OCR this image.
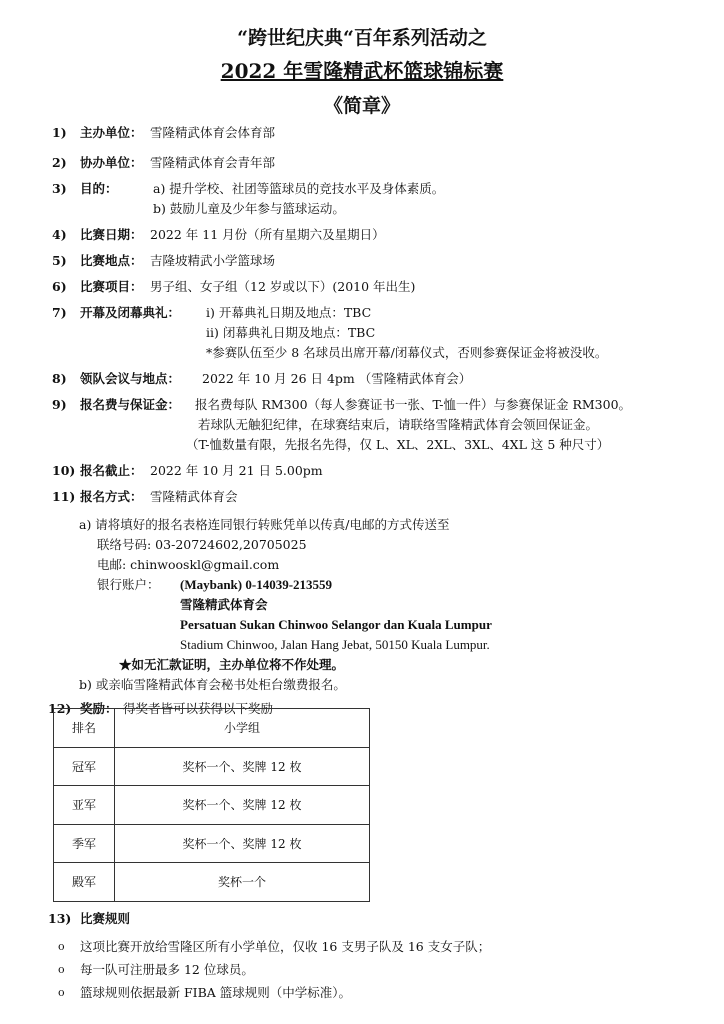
“跨世纪庆典“百年系列活动之
2022 年雪隆精武杯篮球锦标赛
《简章》
1) 主办单位： 雪隆精武体育会体育部
2) 协办单位： 雪隆精武体育会青年部
3) 目的：	a) 提升学校、社团等篮球员的竞技水平及身体素质。
b) 鼓励儿童及少年参与篮球运动。
4) 比赛日期： 2022 年 11 月份（所有星期六及星期日）
5) 比赛地点： 吉隆坡精武小学篮球场
6) 比赛项目： 男子组、女子组（12 岁或以下）(2010 年出生)
7) 开幕及闭幕典礼： i) 开幕典礼日期及地点：TBC
ii) 闭幕典礼日期及地点：TBC
*参赛队伍至少 8 名球员出席开幕/闭幕仪式，否则参赛保证金将被没收。
8) 领队会议与地点： 2022 年 10 月 26 日 4pm （雪隆精武体育会）
9) 报名费与保证金： 报名费每队 RM300（每人参赛证书一张、T-恤一件）与参赛保证金 RM300。
若球队无触犯纪律，在球赛结束后，请联络雪隆精武体育会领回保证金。
（T-恤数量有限，先报名先得，仅 L、XL、2XL、3XL、4XL 这 5 种尺寸）
10) 报名截止： 2022 年 10 月 21 日 5.00pm
11) 报名方式： 雪隆精武体育会
a) 请将填好的报名表格连同银行转账凭单以传真/电邮的方式传送至
联络号码: 03-20724602,20705025
电邮: chinwooskl@gmail.com
银行账户： (Maybank) 0-14039-213559
雪隆精武体育会
Persatuan Sukan Chinwoo Selangor dan Kuala Lumpur
Stadium Chinwoo, Jalan Hang Jebat, 50150 Kuala Lumpur.
★如无汇款证明，主办单位将不作处理。
b) 或亲临雪隆精武体育会秘书处柜台缴费报名。
12) 奖励： 得奖者皆可以获得以下奖励
排名	小学组
冠军	奖杯一个、奖牌 12 枚
亚军	奖杯一个、奖牌 12 枚
季军	奖杯一个、奖牌 12 枚
殿军	奖杯一个
13) 比赛规则
o 这项比赛开放给雪隆区所有小学单位，仅收 16 支男子队及 16 支女子队；
o 每一队可注册最多 12 位球员。
o 篮球规则依据最新 FIBA 篮球规则（中学标准）。
